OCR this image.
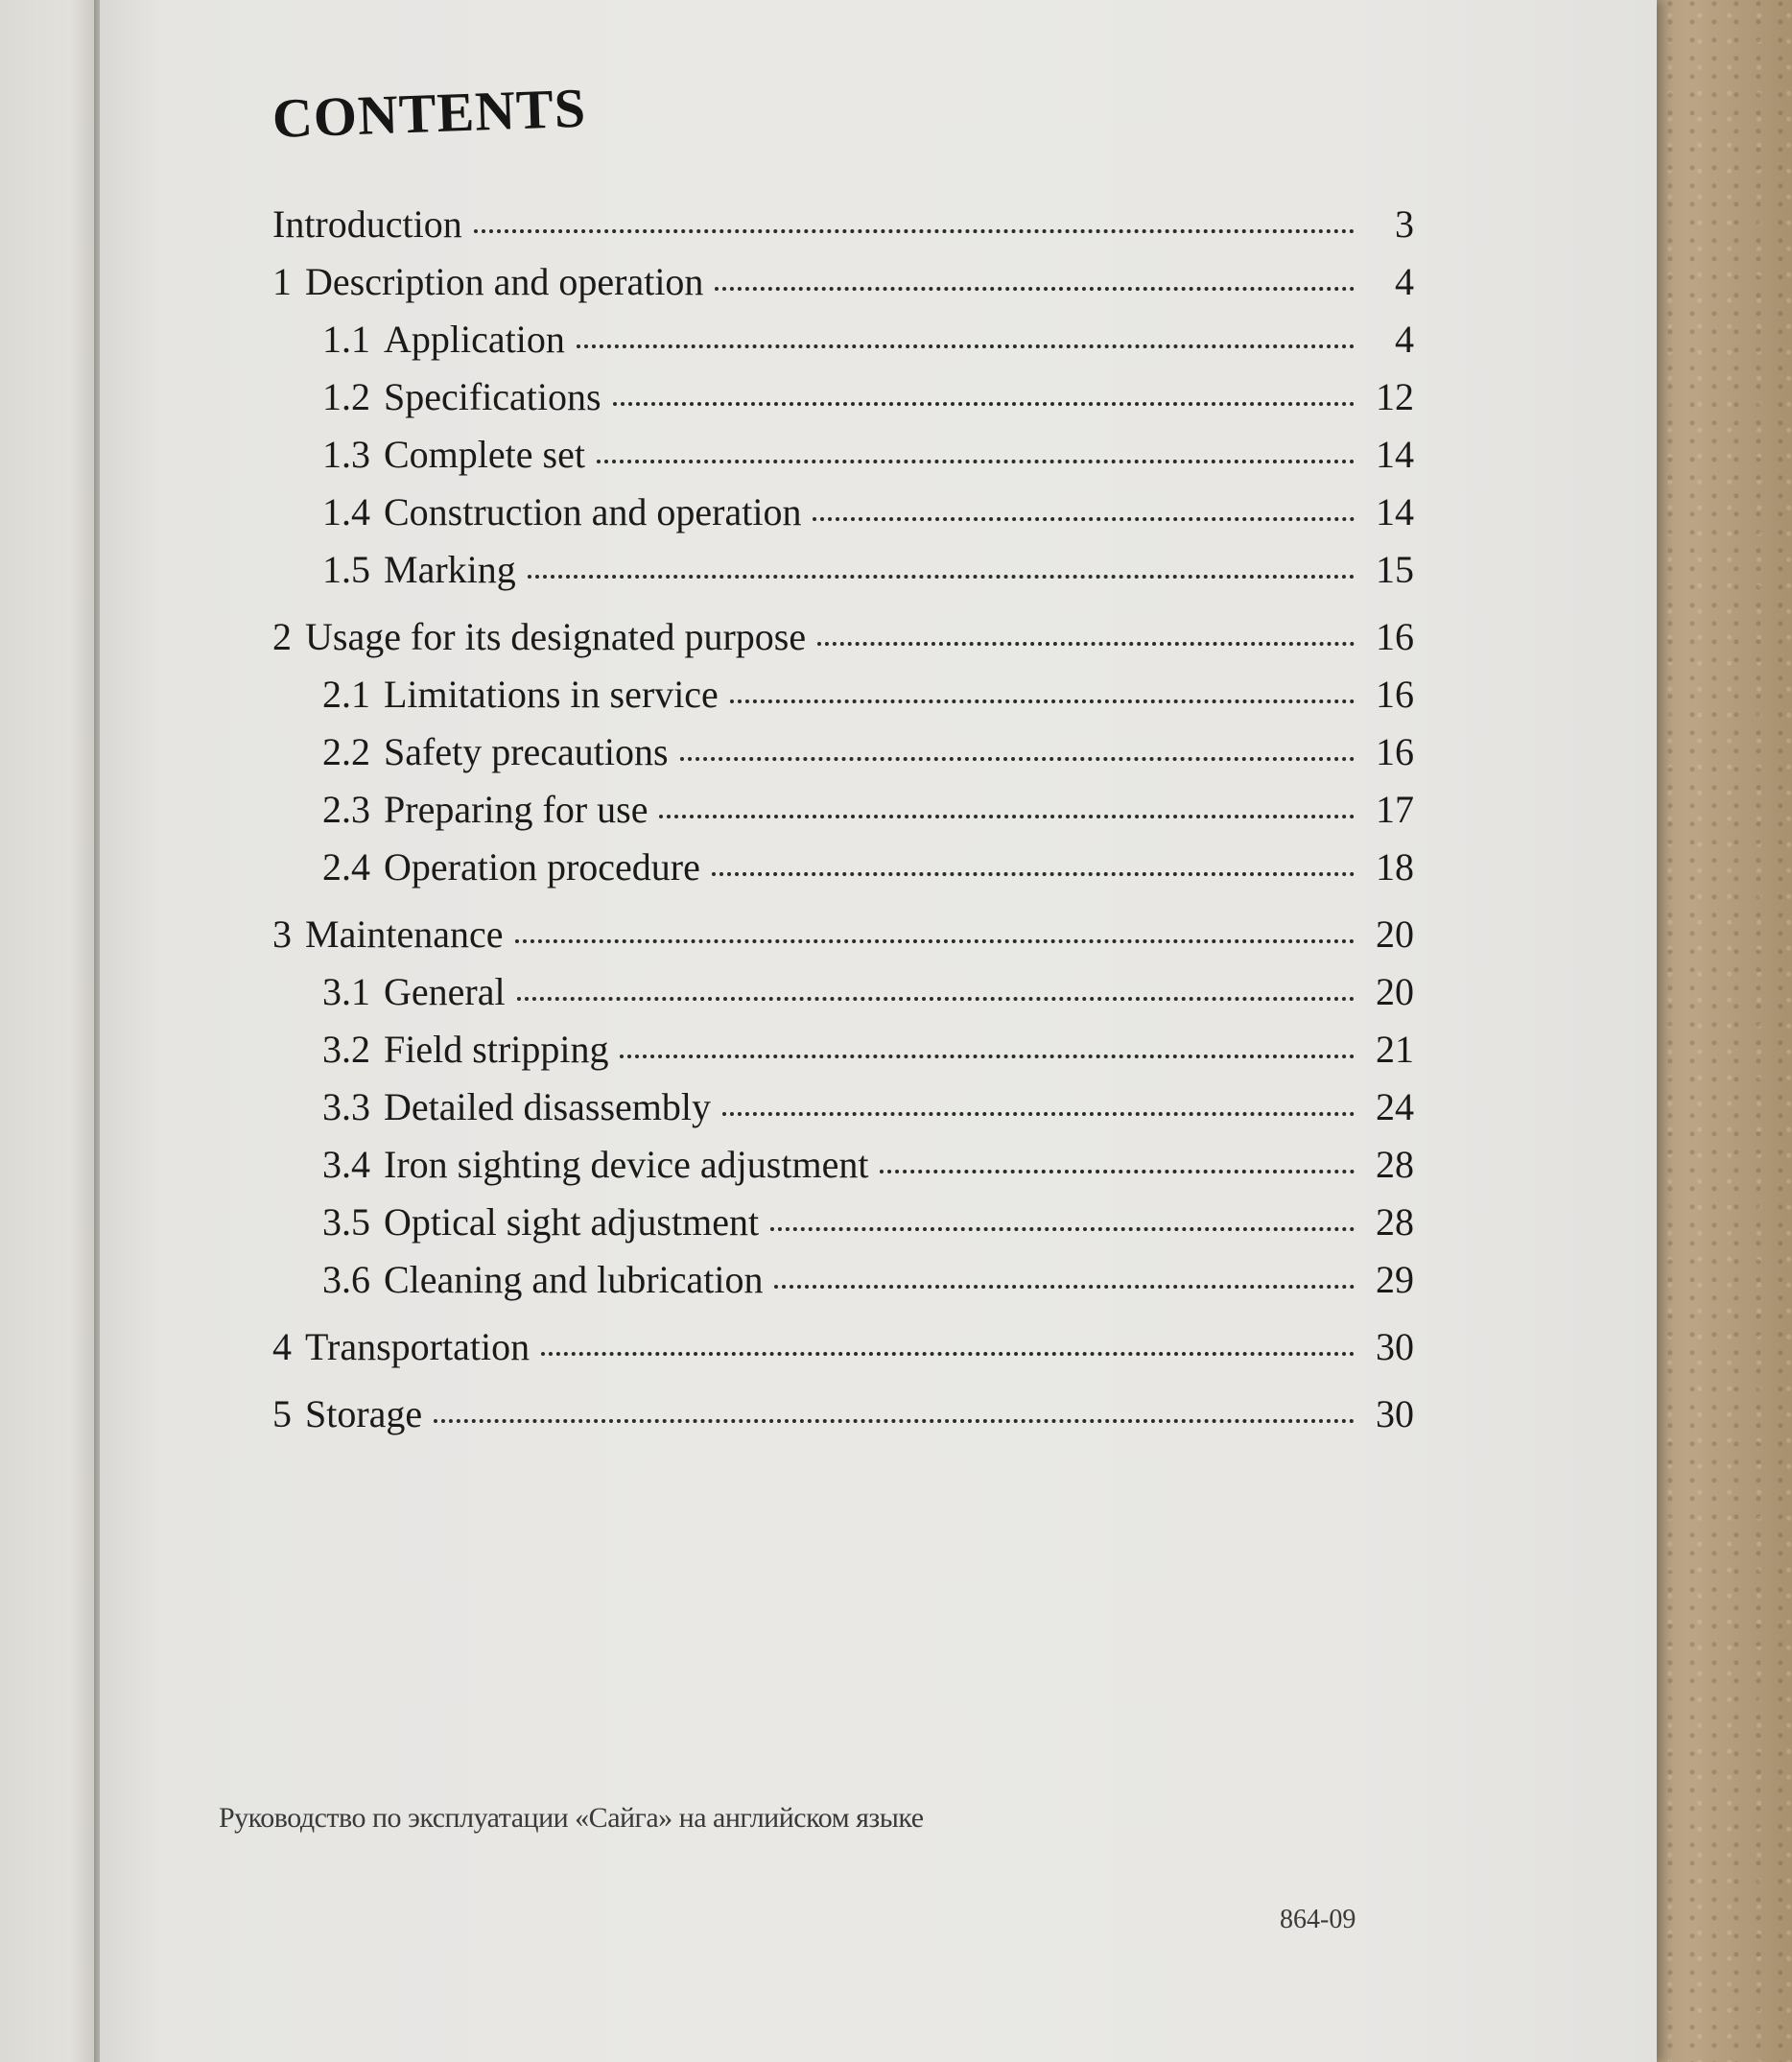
CONTENTS
Introduction	3
1 Description and operation	4
1.1 Application	4
1.2 Specifications	12
1.3 Complete set	14
1.4 Construction and operation	14
1.5 Marking	15
2 Usage for its designated purpose	16
2.1 Limitations in service	16
2.2 Safety precautions	16
2.3 Preparing for use	17
2.4 Operation procedure	18
3 Maintenance	20
3.1 General	20
3.2 Field stripping	21
3.3 Detailed disassembly	24
3.4 Iron sighting device adjustment	28
3.5 Optical sight adjustment	28
3.6 Cleaning and lubrication	29
4 Transportation	30
5 Storage	30

Руководство по эксплуатации «Сайга» на английском языке

864-09
